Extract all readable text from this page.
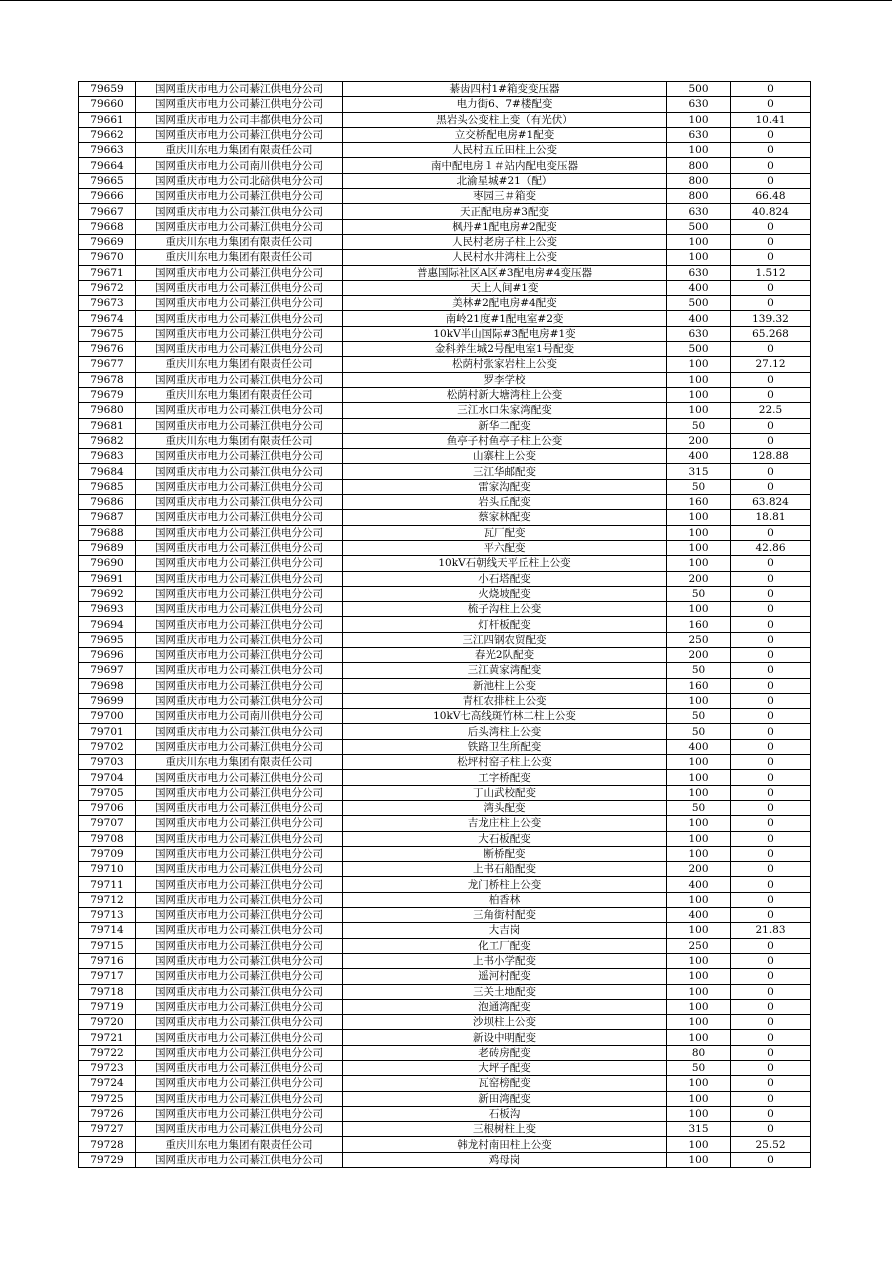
79659	国网重庆市电力公司綦江供电分公司	綦齿四村1#箱变变压器	500	0
79660	国网重庆市电力公司綦江供电分公司	电力街6、7#楼配变	630	0
79661	国网重庆市电力公司丰都供电分公司	黑岩头公变柱上变（有光伏）	100	10.41
79662	国网重庆市电力公司綦江供电分公司	立交桥配电房#1配变	630	0
79663	重庆川东电力集团有限责任公司	人民村五丘田柱上公变	100	0
79664	国网重庆市电力公司南川供电分公司	南中配电房１＃站内配电变压器	800	0
79665	国网重庆市电力公司北碚供电分公司	北渝星城#21（配）	800	0
79666	国网重庆市电力公司綦江供电分公司	枣园三＃箱变	800	66.48
79667	国网重庆市电力公司綦江供电分公司	天正配电房#3配变	630	40.824
79668	国网重庆市电力公司綦江供电分公司	枫丹#1配电房#2配变	500	0
79669	重庆川东电力集团有限责任公司	人民村老房子柱上公变	100	0
79670	重庆川东电力集团有限责任公司	人民村水井湾柱上公变	100	0
79671	国网重庆市电力公司綦江供电分公司	普惠国际社区A区#3配电房#4变压器	630	1.512
79672	国网重庆市电力公司綦江供电分公司	天上人间#1变	400	0
79673	国网重庆市电力公司綦江供电分公司	美林#2配电房#4配变	500	0
79674	国网重庆市电力公司綦江供电分公司	南岭21度#1配电室#2变	400	139.32
79675	国网重庆市电力公司綦江供电分公司	10kV半山国际#3配电房#1变	630	65.268
79676	国网重庆市电力公司綦江供电分公司	金科养生城2号配电室1号配变	500	0
79677	重庆川东电力集团有限责任公司	松荫村张家岩柱上公变	100	27.12
79678	国网重庆市电力公司綦江供电分公司	罗李学校	100	0
79679	重庆川东电力集团有限责任公司	松荫村新大塘湾柱上公变	100	0
79680	国网重庆市电力公司綦江供电分公司	三江水口朱家湾配变	100	22.5
79681	国网重庆市电力公司綦江供电分公司	新华二配变	50	0
79682	重庆川东电力集团有限责任公司	鱼亭子村鱼亭子柱上公变	200	0
79683	国网重庆市电力公司綦江供电分公司	山寨柱上公变	400	128.88
79684	国网重庆市电力公司綦江供电分公司	三江华邮配变	315	0
79685	国网重庆市电力公司綦江供电分公司	雷家沟配变	50	0
79686	国网重庆市电力公司綦江供电分公司	岩头丘配变	160	63.824
79687	国网重庆市电力公司綦江供电分公司	蔡家林配变	100	18.81
79688	国网重庆市电力公司綦江供电分公司	瓦厂配变	100	0
79689	国网重庆市电力公司綦江供电分公司	平六配变	100	42.86
79690	国网重庆市电力公司綦江供电分公司	10kV石朝线天平丘柱上公变	100	0
79691	国网重庆市电力公司綦江供电分公司	小石塔配变	200	0
79692	国网重庆市电力公司綦江供电分公司	火烧坡配变	50	0
79693	国网重庆市电力公司綦江供电分公司	梳子沟柱上公变	100	0
79694	国网重庆市电力公司綦江供电分公司	灯杆板配变	160	0
79695	国网重庆市电力公司綦江供电分公司	三江四钢农贸配变	250	0
79696	国网重庆市电力公司綦江供电分公司	春光2队配变	200	0
79697	国网重庆市电力公司綦江供电分公司	三江黄家湾配变	50	0
79698	国网重庆市电力公司綦江供电分公司	新池柱上公变	160	0
79699	国网重庆市电力公司綦江供电分公司	青杠农排柱上公变	100	0
79700	国网重庆市电力公司南川供电分公司	10kV七高线斑竹林二柱上公变	50	0
79701	国网重庆市电力公司綦江供电分公司	后头湾柱上公变	50	0
79702	国网重庆市电力公司綦江供电分公司	铁路卫生所配变	400	0
79703	重庆川东电力集团有限责任公司	松坪村窑子柱上公变	100	0
79704	国网重庆市电力公司綦江供电分公司	工字桥配变	100	0
79705	国网重庆市电力公司綦江供电分公司	丁山武校配变	100	0
79706	国网重庆市电力公司綦江供电分公司	湾头配变	50	0
79707	国网重庆市电力公司綦江供电分公司	吉龙庄柱上公变	100	0
79708	国网重庆市电力公司綦江供电分公司	大石板配变	100	0
79709	国网重庆市电力公司綦江供电分公司	断桥配变	100	0
79710	国网重庆市电力公司綦江供电分公司	上书石船配变	200	0
79711	国网重庆市电力公司綦江供电分公司	龙门桥柱上公变	400	0
79712	国网重庆市电力公司綦江供电分公司	柏香林	100	0
79713	国网重庆市电力公司綦江供电分公司	三角街村配变	400	0
79714	国网重庆市电力公司綦江供电分公司	大吉岗	100	21.83
79715	国网重庆市电力公司綦江供电分公司	化工厂配变	250	0
79716	国网重庆市电力公司綦江供电分公司	上书小学配变	100	0
79717	国网重庆市电力公司綦江供电分公司	遥河村配变	100	0
79718	国网重庆市电力公司綦江供电分公司	三关土地配变	100	0
79719	国网重庆市电力公司綦江供电分公司	泡通湾配变	100	0
79720	国网重庆市电力公司綦江供电分公司	沙坝柱上公变	100	0
79721	国网重庆市电力公司綦江供电分公司	新设中明配变	100	0
79722	国网重庆市电力公司綦江供电分公司	老砖房配变	80	0
79723	国网重庆市电力公司綦江供电分公司	大坪子配变	50	0
79724	国网重庆市电力公司綦江供电分公司	瓦窑榜配变	100	0
79725	国网重庆市电力公司綦江供电分公司	新田湾配变	100	0
79726	国网重庆市电力公司綦江供电分公司	石板沟	100	0
79727	国网重庆市电力公司綦江供电分公司	三根树柱上变	315	0
79728	重庆川东电力集团有限责任公司	韩龙村南田柱上公变	100	25.52
79729	国网重庆市电力公司綦江供电分公司	鸡母岗	100	0
